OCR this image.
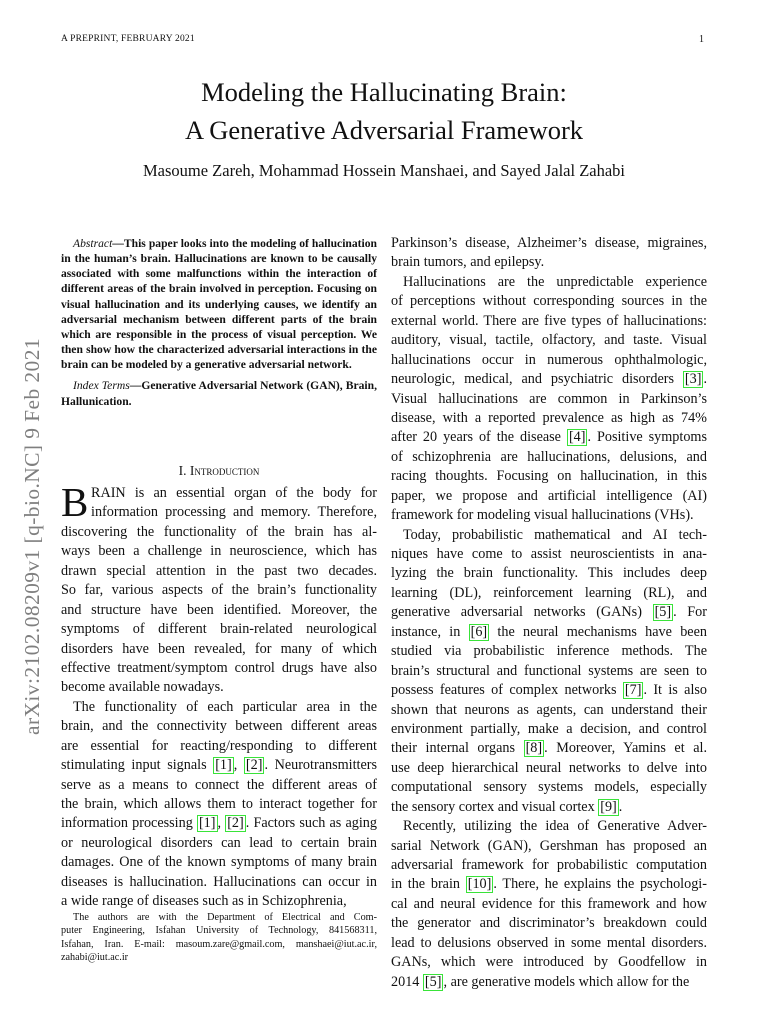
A PREPRINT, FEBRUARY 2021	1
Modeling the Hallucinating Brain:
A Generative Adversarial Framework
Masoume Zareh, Mohammad Hossein Manshaei, and Sayed Jalal Zahabi
arXiv:2102.08209v1 [q-bio.NC] 9 Feb 2021
Abstract—This paper looks into the modeling of hallucination in the human’s brain. Hallucinations are known to be causally associated with some malfunctions within the interaction of different areas of the brain involved in perception. Focusing on visual hallucination and its underlying causes, we identify an adversarial mechanism between different parts of the brain which are responsible in the process of visual perception. We then show how the characterized adversarial interactions in the brain can be modeled by a generative adversarial network.
Index Terms—Generative Adversarial Network (GAN), Brain, Hallunication.
I. Introduction
B RAIN is an essential organ of the body for
information processing and memory. Therefore,
discovering the functionality of the brain has al-
ways been a challenge in neuroscience, which has
drawn special attention in the past two decades.
So far, various aspects of the brain’s functionality
and structure have been identified. Moreover, the
symptoms of different brain-related neurological
disorders have been revealed, for many of which
effective treatment/symptom control drugs have also
become available nowadays.
The functionality of each particular area in the
brain, and the connectivity between different areas
are essential for reacting/responding to different
stimulating input signals [1] , [2] . Neurotransmitters
serve as a means to connect the different areas of
the brain, which allows them to interact together for
information processing [1] , [2] . Factors such as aging
or neurological disorders can lead to certain brain
damages. One of the known symptoms of many brain
diseases is hallucination. Hallucinations can occur in
a wide range of diseases such as in Schizophrenia,
The authors are with the Department of Electrical and Com-
puter Engineering, Isfahan University of Technology, 841568311,
Isfahan, Iran. E-mail: masoum.zare@gmail.com, manshaei@iut.ac.ir,
zahabi@iut.ac.ir
Parkinson’s disease, Alzheimer’s disease, migraines,
brain tumors, and epilepsy.
Hallucinations are the unpredictable experience
of perceptions without corresponding sources in the
external world. There are five types of hallucinations:
auditory, visual, tactile, olfactory, and taste. Visual
hallucinations occur in numerous ophthalmologic,
neurologic, medical, and psychiatric disorders [3] .
Visual hallucinations are common in Parkinson’s
disease, with a reported prevalence as high as 74%
after 20 years of the disease [4] . Positive symptoms
of schizophrenia are hallucinations, delusions, and
racing thoughts. Focusing on hallucination, in this
paper, we propose and artificial intelligence (AI)
framework for modeling visual hallucinations (VHs).
Today, probabilistic mathematical and AI tech-
niques have come to assist neuroscientists in ana-
lyzing the brain functionality. This includes deep
learning (DL), reinforcement learning (RL), and
generative adversarial networks (GANs) [5] . For
instance, in [6] the neural mechanisms have been
studied via probabilistic inference methods. The
brain’s structural and functional systems are seen to
possess features of complex networks [7] . It is also
shown that neurons as agents, can understand their
environment partially, make a decision, and control
their internal organs [8] . Moreover, Yamins et al.
use deep hierarchical neural networks to delve into
computational sensory systems models, especially
the sensory cortex and visual cortex [9] .
Recently, utilizing the idea of Generative Adver-
sarial Network (GAN), Gershman has proposed an
adversarial framework for probabilistic computation
in the brain [10] . There, he explains the psychologi-
cal and neural evidence for this framework and how
the generator and discriminator’s breakdown could
lead to delusions observed in some mental disorders.
GANs, which were introduced by Goodfellow in
2014 [5] , are generative models which allow for the
